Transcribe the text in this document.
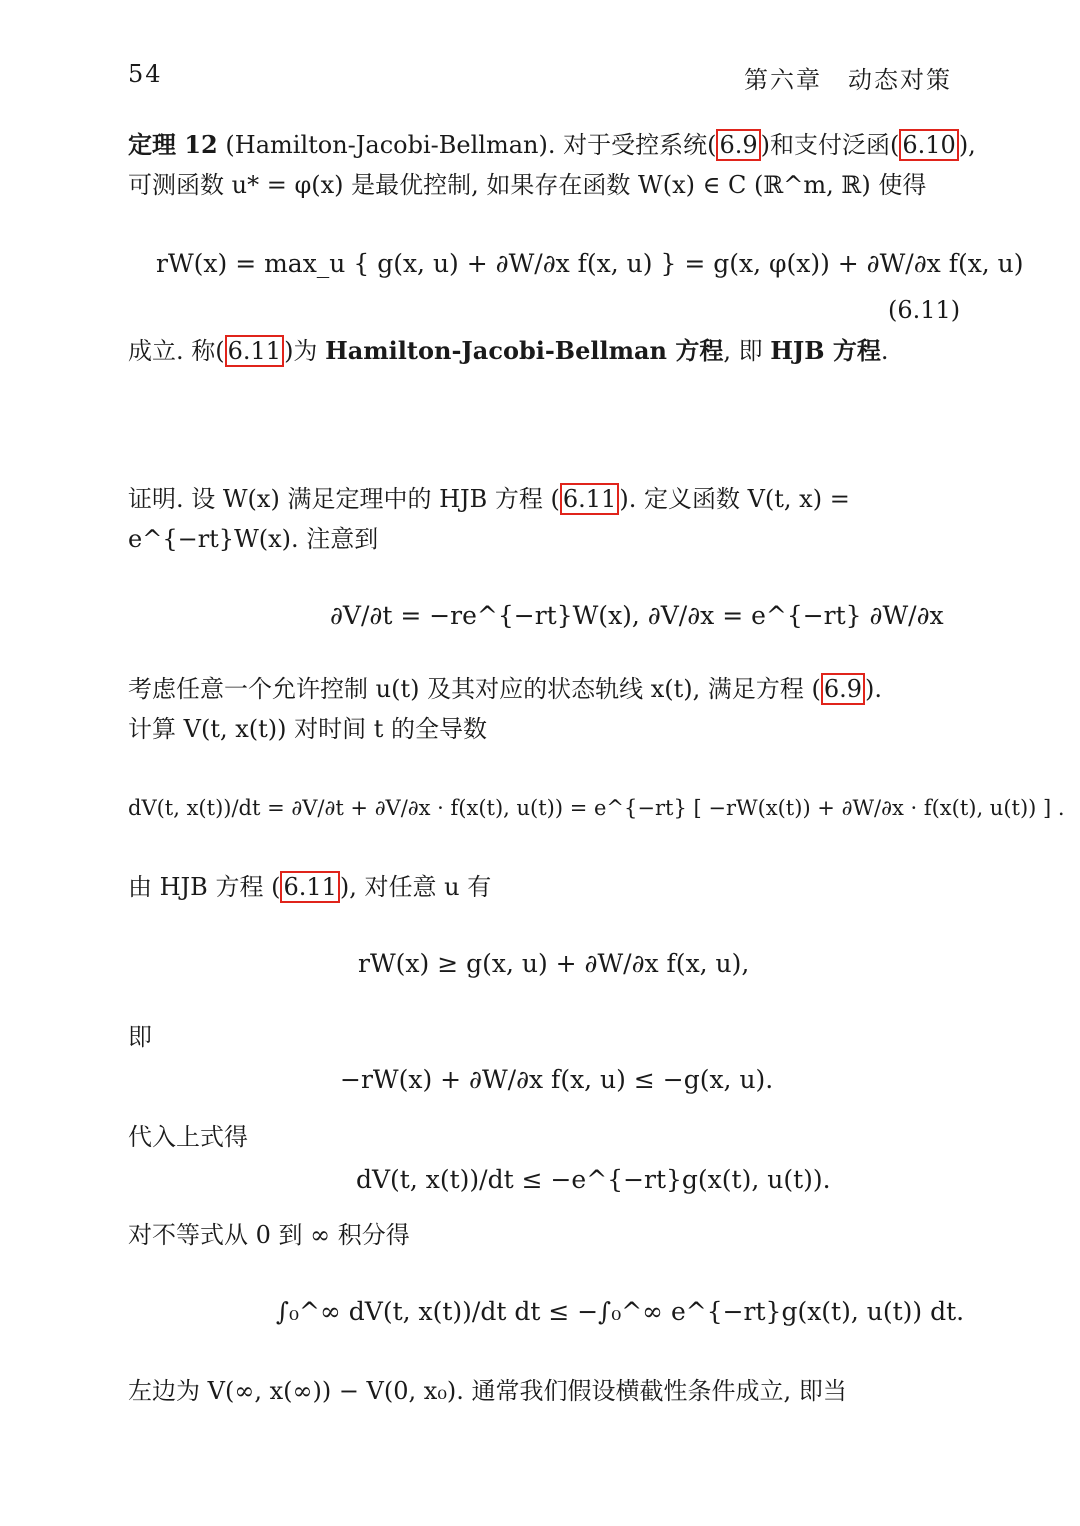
54	第六章　动态对策
定理 12 (Hamilton-Jacobi-Bellman). 对于受控系统( 6.9 )和支付泛函( 6.10 ),
可测函数 u* = φ(x) 是最优控制, 如果存在函数 W(x) ∈ C (ℝ^m, ℝ) 使得
rW(x) = max_u { g(x, u) + ∂W/∂x f(x, u) } = g(x, φ(x)) + ∂W/∂x f(x, u)
(6.11)
成立. 称( 6.11 )为 Hamilton-Jacobi-Bellman 方程, 即 HJB 方程.
证明. 设 W(x) 满足定理中的 HJB 方程 ( 6.11 ). 定义函数 V(t, x) =
e^{−rt}W(x). 注意到
∂V/∂t = −re^{−rt}W(x), ∂V/∂x = e^{−rt} ∂W/∂x
考虑任意一个允许控制 u(t) 及其对应的状态轨线 x(t), 满足方程 ( 6.9 ).
计算 V(t, x(t)) 对时间 t 的全导数
dV(t, x(t))/dt = ∂V/∂t + ∂V/∂x · f(x(t), u(t)) = e^{−rt} [ −rW(x(t)) + ∂W/∂x · f(x(t), u(t)) ] .
由 HJB 方程 ( 6.11 ), 对任意 u 有
rW(x) ≥ g(x, u) + ∂W/∂x f(x, u),
即
−rW(x) + ∂W/∂x f(x, u) ≤ −g(x, u).
代入上式得
dV(t, x(t))/dt ≤ −e^{−rt}g(x(t), u(t)).
对不等式从 0 到 ∞ 积分得
∫₀^∞ dV(t, x(t))/dt dt ≤ −∫₀^∞ e^{−rt}g(x(t), u(t)) dt.
左边为 V(∞, x(∞)) − V(0, x₀). 通常我们假设横截性条件成立, 即当
